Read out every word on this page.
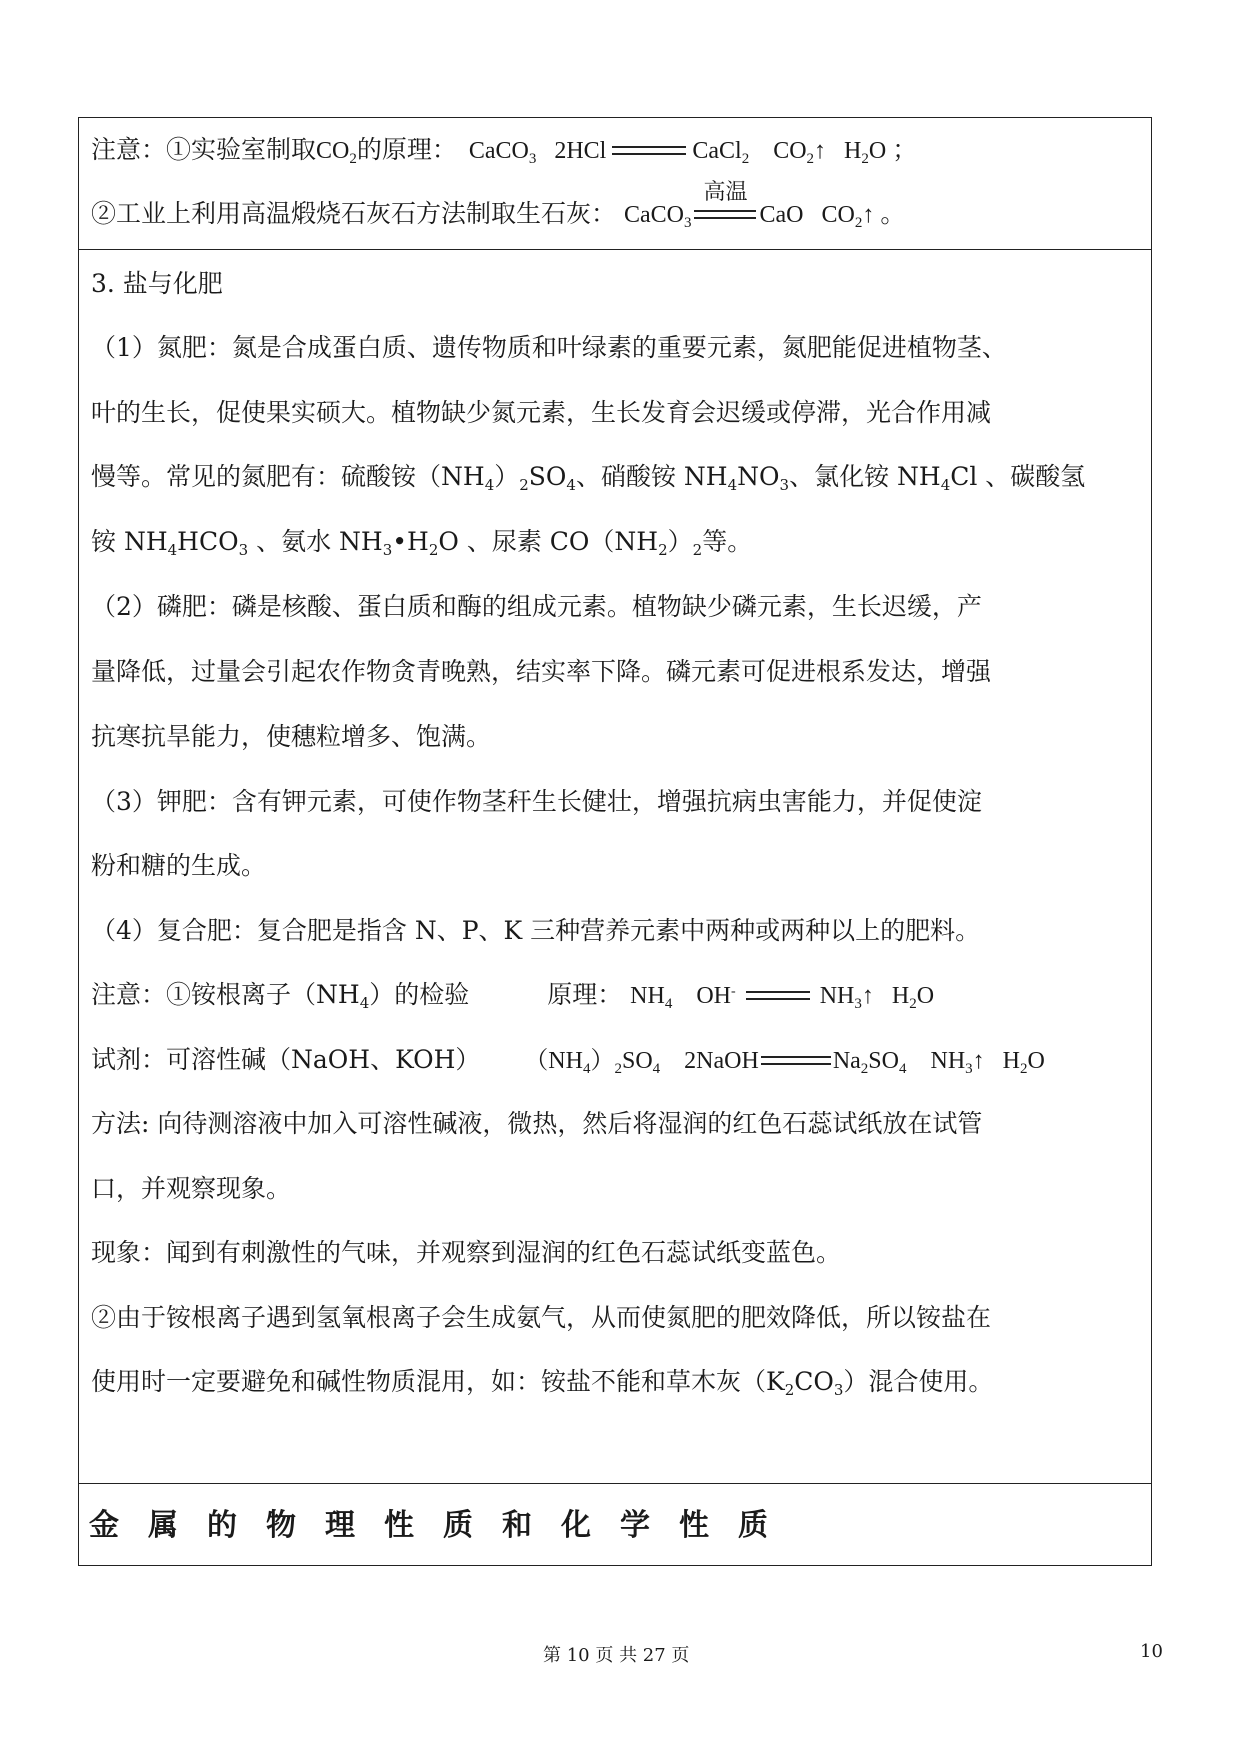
注意：①实验室制取$CO_2$的原理： CaCO$_3$ 2HCl	CaCl$_2$ $CO_2↑$ $H_2O$ ；
②工业上利用高温煅烧石灰石方法制取生石灰： CaCO$_3$
高温
CaO $CO_2↑$ 。
3. 盐与化肥
（1）氮肥：氮是合成蛋白质、遗传物质和叶绿素的重要元素，氮肥能促进植物茎、
叶的生长，促使果实硕大。植物缺少氮元素，生长发育会迟缓或停滞，光合作用减
慢等。常见的氮肥有：硫酸铵$(NH_4)_2SO_4$、硝酸铵 $NH_4NO_3$、氯化铵 $NH_4Cl$ 、碳酸氢
铵 $NH_4HCO_3$ 、氨水 $NH_3•H_2O$ 、尿素 $CO(NH_2)_2$等。
（2）磷肥：磷是核酸、蛋白质和酶的组成元素。植物缺少磷元素，生长迟缓，产
量降低，过量会引起农作物贪青晚熟，结实率下降。磷元素可促进根系发达，增强
抗寒抗旱能力，使穗粒增多、饱满。
（3）钾肥：含有钾元素，可使作物茎秆生长健壮，增强抗病虫害能力，并促使淀
粉和糖的生成。
（4）复合肥：复合肥是指含 N、P、K 三种营养元素中两种或两种以上的肥料。
注意：①铵根离子$(NH_4)$的检验	原理： $NH_4$ OH-	$NH_3↑$ $H_2O$
试剂：可溶性碱（NaOH、KOH） $(NH_4)_2SO_4$ 2NaOH	$Na_2SO_4$ $NH_3↑$ $H_2O$
方法: 向待测溶液中加入可溶性碱液，微热，然后将湿润的红色石蕊试纸放在试管
口，并观察现象。
现象：闻到有刺激性的气味，并观察到湿润的红色石蕊试纸变蓝色。
②由于铵根离子遇到氢氧根离子会生成氨气，从而使氮肥的肥效降低，所以铵盐在
使用时一定要避免和碱性物质混用，如：铵盐不能和草木灰$(K_2CO_3)$混合使用。
金属的物理性质和化学性质
第 10 页 共 27 页	10
